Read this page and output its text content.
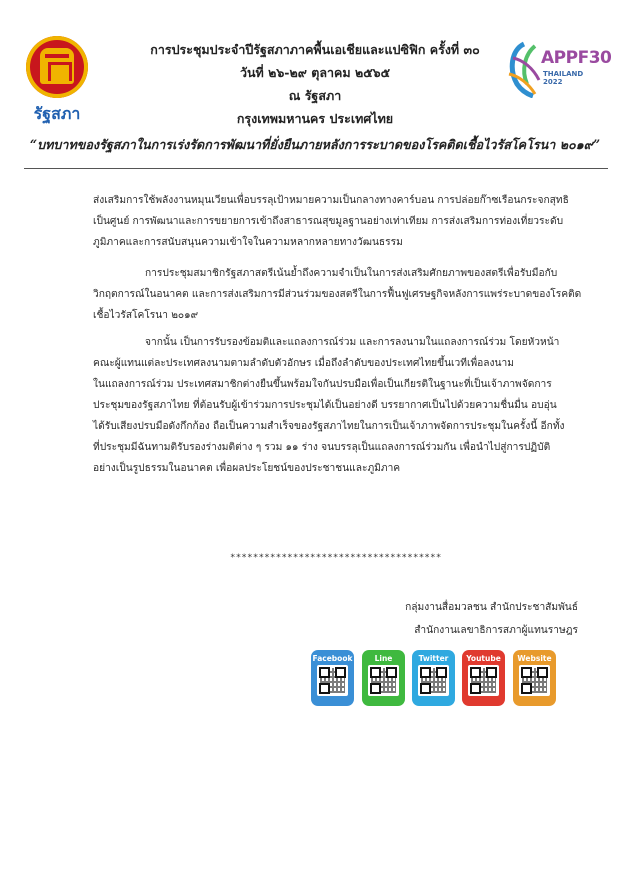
รัฐสภา
APPF30
THAILAND 2022
การประชุมประจำปีรัฐสภาภาคพื้นเอเชียและแปซิฟิก ครั้งที่ ๓๐
วันที่ ๒๖-๒๙ ตุลาคม ๒๕๖๕
ณ รัฐสภา
กรุงเทพมหานคร ประเทศไทย
“บทบาทของรัฐสภาในการเร่งรัดการพัฒนาที่ยั่งยืนภายหลังการระบาดของโรคติดเชื้อไวรัสโคโรนา ๒๐๑๙”
ส่งเสริมการใช้พลังงานหมุนเวียนเพื่อบรรลุเป้าหมายความเป็นกลางทางคาร์บอน การปล่อยก๊าซเรือนกระจกสุทธิ
เป็นศูนย์ การพัฒนาและการขยายการเข้าถึงสาธารณสุขมูลฐานอย่างเท่าเทียม การส่งเสริมการท่องเที่ยวระดับ
ภูมิภาคและการสนับสนุนความเข้าใจในความหลากหลายทางวัฒนธรรม
การประชุมสมาชิกรัฐสภาสตรีเน้นย้ำถึงความจำเป็นในการส่งเสริมศักยภาพของสตรีเพื่อรับมือกับ
วิกฤตการณ์ในอนาคต และการส่งเสริมการมีส่วนร่วมของสตรีในการฟื้นฟูเศรษฐกิจหลังการแพร่ระบาดของโรคติด
เชื้อไวรัสโคโรนา ๒๐๑๙
จากนั้น เป็นการรับรองข้อมติและแถลงการณ์ร่วม และการลงนามในแถลงการณ์ร่วม โดยหัวหน้า
คณะผู้แทนแต่ละประเทศลงนามตามลำดับตัวอักษร เมื่อถึงลำดับของประเทศไทยขึ้นเวทีเพื่อลงนาม
ในแถลงการณ์ร่วม ประเทศสมาชิกต่างยืนขึ้นพร้อมใจกันปรบมือเพื่อเป็นเกียรติในฐานะที่เป็นเจ้าภาพจัดการ
ประชุมของรัฐสภาไทย ที่ต้อนรับผู้เข้าร่วมการประชุมได้เป็นอย่างดี บรรยากาศเป็นไปด้วยความชื่นมื่น อบอุ่น
ได้รับเสียงปรบมือดังกึกก้อง ถือเป็นความสำเร็จของรัฐสภาไทยในการเป็นเจ้าภาพจัดการประชุมในครั้งนี้ อีกทั้ง
ที่ประชุมมีฉันทามติรับรองร่างมติต่าง ๆ รวม ๑๑ ร่าง จนบรรลุเป็นแถลงการณ์ร่วมกัน เพื่อนำไปสู่การปฏิบัติ
อย่างเป็นรูปธรรมในอนาคต เพื่อผลประโยชน์ของประชาชนและภูมิภาค
*************************************
กลุ่มงานสื่อมวลชน สำนักประชาสัมพันธ์
สำนักงานเลขาธิการสภาผู้แทนราษฎร
Facebook	Line	Twitter	Youtube	Website
